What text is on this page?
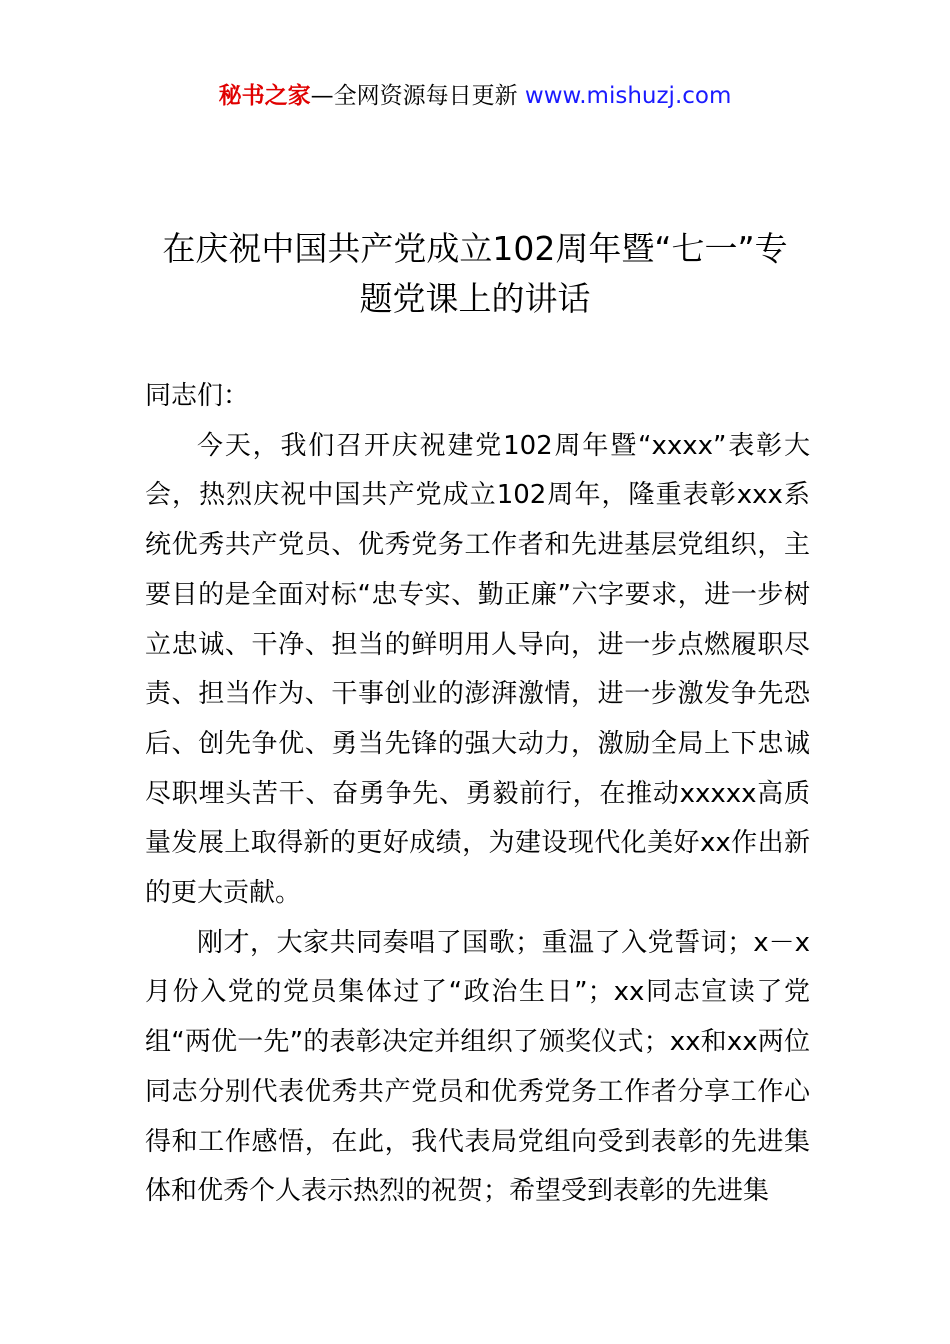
秘书之家—全网资源每日更新 www.mishuzj.com
在庆祝中国共产党成立102周年暨“七一”专题党课上的讲话

同志们：

今天，我们召开庆祝建党102周年暨“xxxx”表彰大会，热烈庆祝中国共产党成立102周年，隆重表彰xxx系统优秀共产党员、优秀党务工作者和先进基层党组织，主要目的是全面对标“忠专实、勤正廉”六字要求，进一步树立忠诚、干净、担当的鲜明用人导向，进一步点燃履职尽责、担当作为、干事创业的澎湃激情，进一步激发争先恐后、创先争优、勇当先锋的强大动力，激励全局上下忠诚尽职埋头苦干、奋勇争先、勇毅前行，在推动xxxxx高质量发展上取得新的更好成绩，为建设现代化美好xx作出新的更大贡献。

刚才，大家共同奏唱了国歌；重温了入党誓词；x－x月份入党的党员集体过了“政治生日”；xx同志宣读了党组“两优一先”的表彰决定并组织了颁奖仪式；xx和xx两位同志分别代表优秀共产党员和优秀党务工作者分享工作心得和工作感悟，在此，我代表局党组向受到表彰的先进集体和优秀个人表示热烈的祝贺；希望受到表彰的先进集
